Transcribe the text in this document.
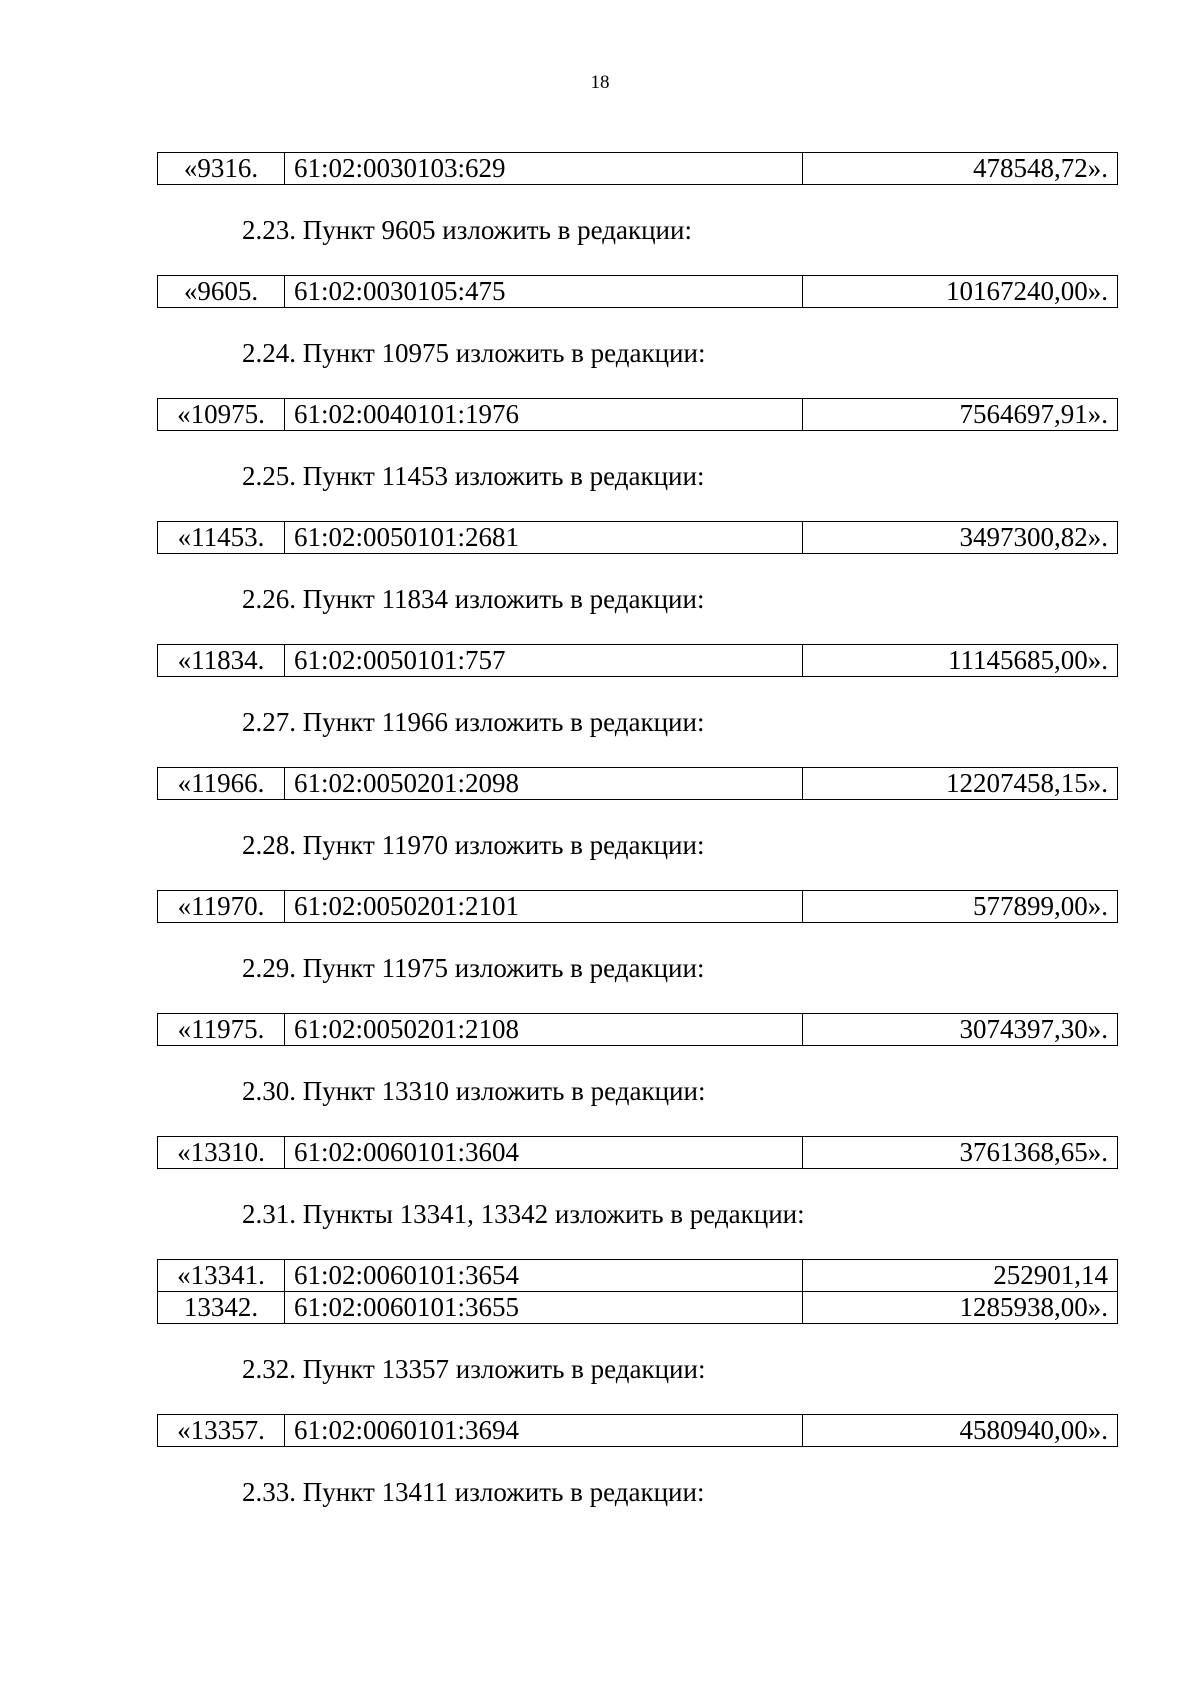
18
«9316.	61:02:0030103:629	478548,72».

2.23. Пункт 9605 изложить в редакции:

«9605.	61:02:0030105:475	10167240,00».

2.24. Пункт 10975 изложить в редакции:

«10975.	61:02:0040101:1976	7564697,91».

2.25. Пункт 11453 изложить в редакции:

«11453.	61:02:0050101:2681	3497300,82».

2.26. Пункт 11834 изложить в редакции:

«11834.	61:02:0050101:757	11145685,00».

2.27. Пункт 11966 изложить в редакции:

«11966.	61:02:0050201:2098	12207458,15».

2.28. Пункт 11970 изложить в редакции:

«11970.	61:02:0050201:2101	577899,00».

2.29. Пункт 11975 изложить в редакции:

«11975.	61:02:0050201:2108	3074397,30».

2.30. Пункт 13310 изложить в редакции:

«13310.	61:02:0060101:3604	3761368,65».

2.31. Пункты 13341, 13342 изложить в редакции:

«13341.	61:02:0060101:3654	252901,14
13342.	61:02:0060101:3655	1285938,00».

2.32. Пункт 13357 изложить в редакции:

«13357.	61:02:0060101:3694	4580940,00».

2.33. Пункт 13411 изложить в редакции:
